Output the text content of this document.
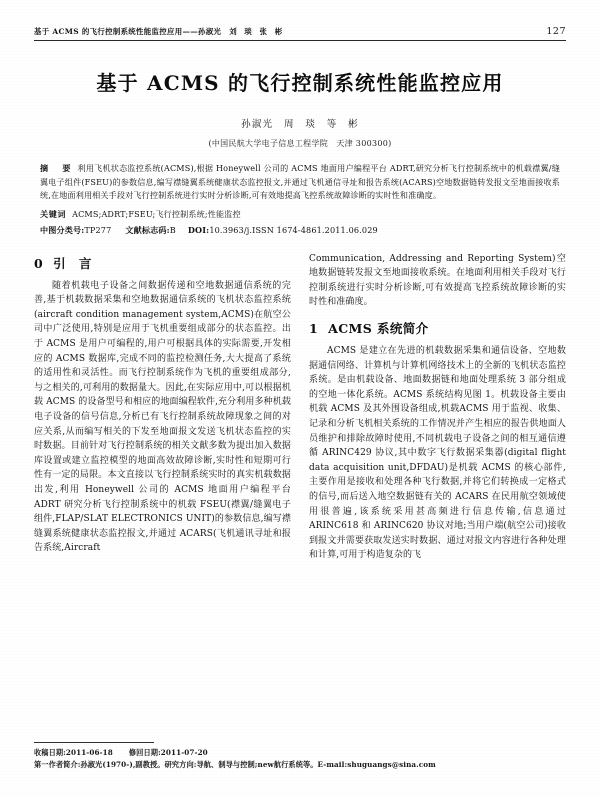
基于 ACMS 的飞行控制系统性能监控应用——孙淑光 刘 琰 张 彬	127
基于 ACMS 的飞行控制系统性能监控应用
孙淑光　周　琰　等　彬
(中国民航大学电子信息工程学院　天津 300300)

摘　要 利用飞机状态监控系统(ACMS),根据 Honeywell 公司的 ACMS 地面用户编程平台 ADRT,研究分析飞行控制系统中的机载襟翼/缝翼电子组件(FSEU)的参数信息,编写襟缝翼系统健康状态监控报文,并通过飞机通信寻址和报告系统(ACARS)空地数据链转发报文至地面接收系统,在地面利用相关手段对飞行控制系统进行实时分析诊断,可有效地提高飞控系统故障诊断的实时性和准确度。

关键词 ACMS;ADRT;FSEU;飞行控制系统;性能监控
中图分类号:TP277 文献标志码:B DOI:10.3963/j.ISSN 1674-4861.2011.06.029
0 引　言

随着机载电子设备之间数据传递和空地数据通信系统的完善,基于机载数据采集和空地数据通信系统的飞机状态监控系统(aircraft condition management system,ACMS)在航空公司中广泛使用,特别是应用于飞机重要组成部分的状态监控。出于 ACMS 是用户可编程的,用户可根据具体的实际需要,开发相应的 ACMS 数据库,完成不同的监控检测任务,大大提高了系统的适用性和灵活性。而飞行控制系统作为飞机的重要组成部分,与之相关的,可利用的数据量大。因此,在实际应用中,可以根据机载 ACMS 的设备型号和相应的地面编程软件,充分利用多种机载电子设备的信号信息,分析已有飞行控制系统故障现象之间的对应关系,从而编写相关的下发至地面报文发送飞机状态监控的实时数据。目前针对飞行控制系统的相关文献多数为提出加入数据库设置或建立监控模型的地面高效故障诊断,实时性和短期可行性有一定的局限。本文直接以飞行控制系统实时的真实机载数据出发,利用 Honeywell 公司的 ACMS 地面用户编程平台 ADRT 研究分析飞行控制系统中的机载 FSEU(襟翼/缝翼电子组件,FLAP/SLAT ELECTRONICS UNIT)的参数信息,编写襟缝翼系统健康状态监控报文,并通过 ACARS(飞机通讯寻址和报告系统,Aircraft

Communication, Addressing and Reporting System)空地数据链转发报文至地面接收系统。在地面利用相关手段对飞行控制系统进行实时分析诊断,可有效提高飞控系统故障诊断的实时性和准确度。

1 ACMS 系统简介

ACMS 是建立在先进的机载数据采集和通信设备、空地数据通信网络、计算机与计算机网络技术上的全新的飞机状态监控系统。是由机载设备、地面数据链和地面处理系统 3 部分组成的空地一体化系统。ACMS 系统结构见图 1。机载设备主要由机载 ACMS 及其外围设备组成,机载ACMS 用于监视、收集、记录和分析飞机相关系统的工作情况并产生相应的报告供地面人员维护和排除故障时使用,不同机载电子设备之间的相互通信遵循 ARINC429 协议,其中数字飞行数据采集器(digital flight data acquisition unit,DFDAU)是机载 ACMS 的核心部件,主要作用是接收和处理各种飞行数据,并将它们转换成一定格式的信号,而后送入地空数据链有关的 ACARS 在民用航空领域使用很普遍,该系统采用甚高频进行信息传输,信息通过 ARINC618 和 ARINC620 协议对地;当用户端(航空公司)接收到报文并需要获取发送实时数据、通过对报文内容进行各种处理和计算,可用于构造复杂的飞

收稿日期:2011-06-18 修回日期:2011-07-20
第一作者简介:孙淑光(1970-),副教授。研究方向:导航、制导与控制;new航行系统等。E-mail:shuguangs@sina.com
